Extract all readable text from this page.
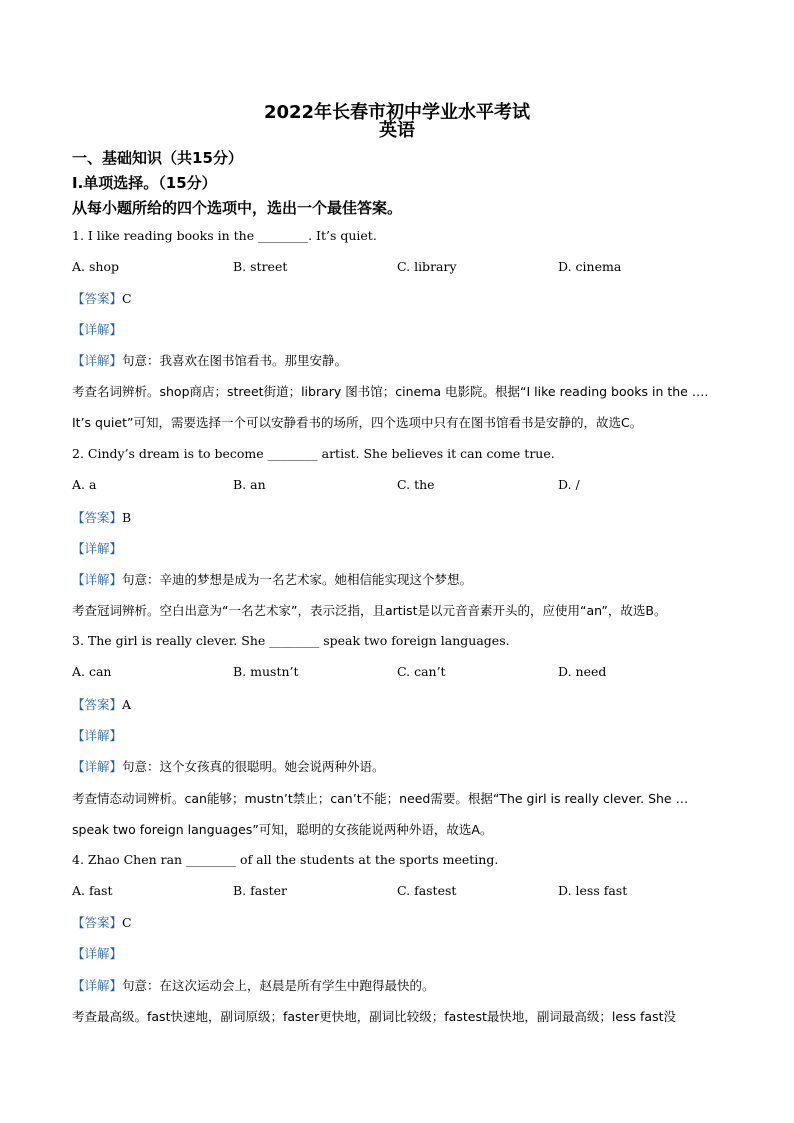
2022年长春市初中学业水平考试
英语
一、基础知识（共15分）
Ⅰ.单项选择。（15分）
从每小题所给的四个选项中，选出一个最佳答案。
1. I like reading books in the ________. It’s quiet.
A. shop	B. street	C. library	D. cinema
【答案】C
【详解】
【详解】句意：我喜欢在图书馆看书。那里安静。
考查名词辨析。shop商店；street街道；library 图书馆；cinema 电影院。根据“I like reading books in the ….
It’s quiet”可知，需要选择一个可以安静看书的场所，四个选项中只有在图书馆看书是安静的，故选C。
2. Cindy’s dream is to become ________ artist. She believes it can come true.
A. a	B. an	C. the	D. /
【答案】B
【详解】
【详解】句意：辛迪的梦想是成为一名艺术家。她相信能实现这个梦想。
考查冠词辨析。空白出意为“一名艺术家”，表示泛指，且artist是以元音音素开头的，应使用“an”，故选B。
3. The girl is really clever. She ________ speak two foreign languages.
A. can	B. mustn’t	C. can’t	D. need
【答案】A
【详解】
【详解】句意：这个女孩真的很聪明。她会说两种外语。
考查情态动词辨析。can能够；mustn’t禁止；can’t不能；need需要。根据“The girl is really clever. She …
speak two foreign languages”可知，聪明的女孩能说两种外语，故选A。
4. Zhao Chen ran ________ of all the students at the sports meeting.
A. fast	B. faster	C. fastest	D. less fast
【答案】C
【详解】
【详解】句意：在这次运动会上，赵晨是所有学生中跑得最快的。
考查最高级。fast快速地，副词原级；faster更快地，副词比较级；fastest最快地，副词最高级；less fast没
